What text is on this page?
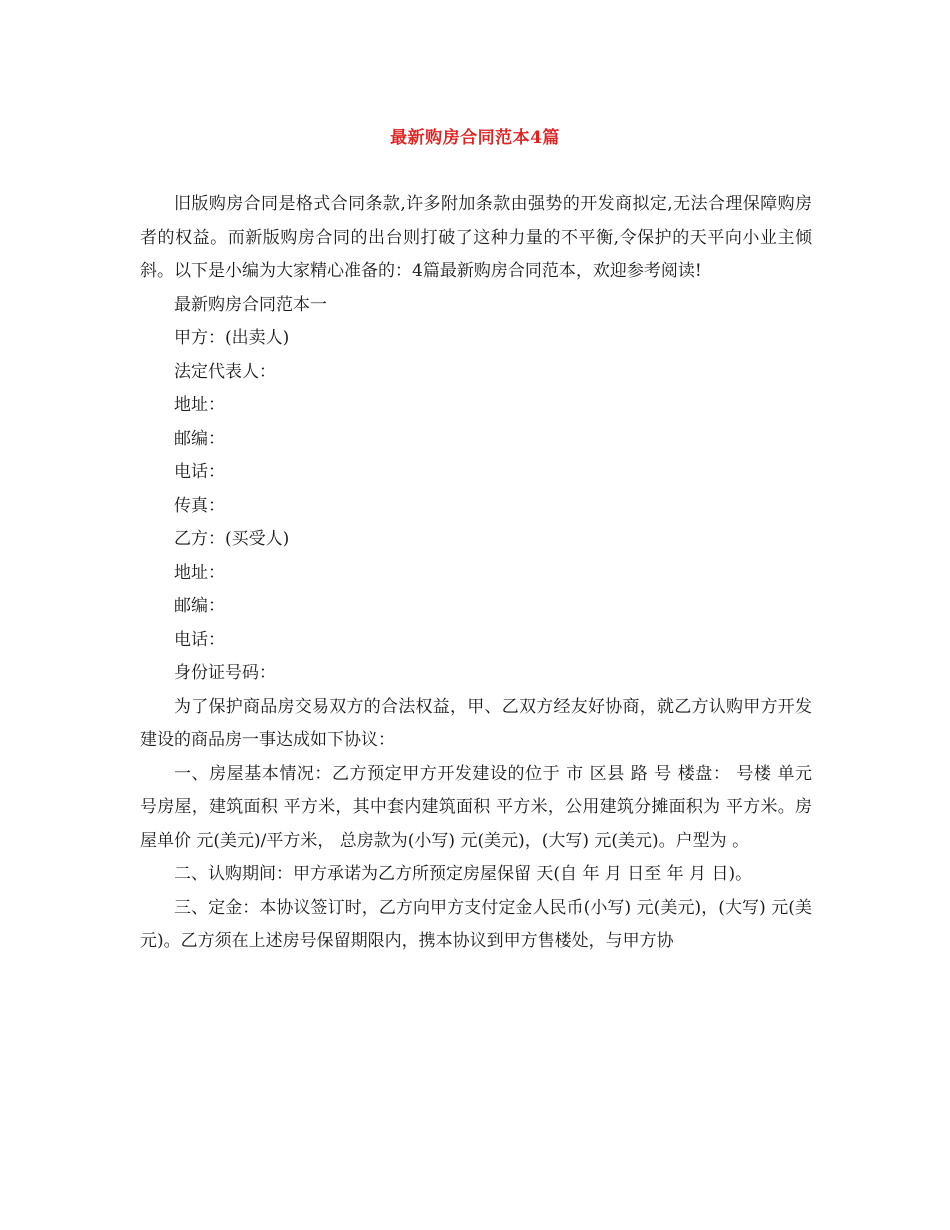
最新购房合同范本4篇

旧版购房合同是格式合同条款,许多附加条款由强势的开发商拟定,无法合理保障购房者的权益。而新版购房合同的出台则打破了这种力量的不平衡,令保护的天平向小业主倾斜。以下是小编为大家精心准备的：4篇最新购房合同范本，欢迎参考阅读!

最新购房合同范本一

甲方：(出卖人)

法定代表人：

地址：

邮编：

电话：

传真：

乙方：(买受人)

地址：

邮编：

电话：

身份证号码：

为了保护商品房交易双方的合法权益，甲、乙双方经友好协商，就乙方认购甲方开发建设的商品房一事达成如下协议：

一、房屋基本情况：乙方预定甲方开发建设的位于 市 区县 路 号 楼盘： 号楼 单元 号房屋，建筑面积 平方米，其中套内建筑面积 平方米，公用建筑分摊面积为 平方米。房屋单价 元(美元)/平方米， 总房款为(小写) 元(美元)，(大写) 元(美元)。户型为 。

二、认购期间：甲方承诺为乙方所预定房屋保留 天(自 年 月 日至 年 月 日)。

三、定金：本协议签订时，乙方向甲方支付定金人民币(小写) 元(美元)，(大写) 元(美元)。乙方须在上述房号保留期限内，携本协议到甲方售楼处，与甲方协
